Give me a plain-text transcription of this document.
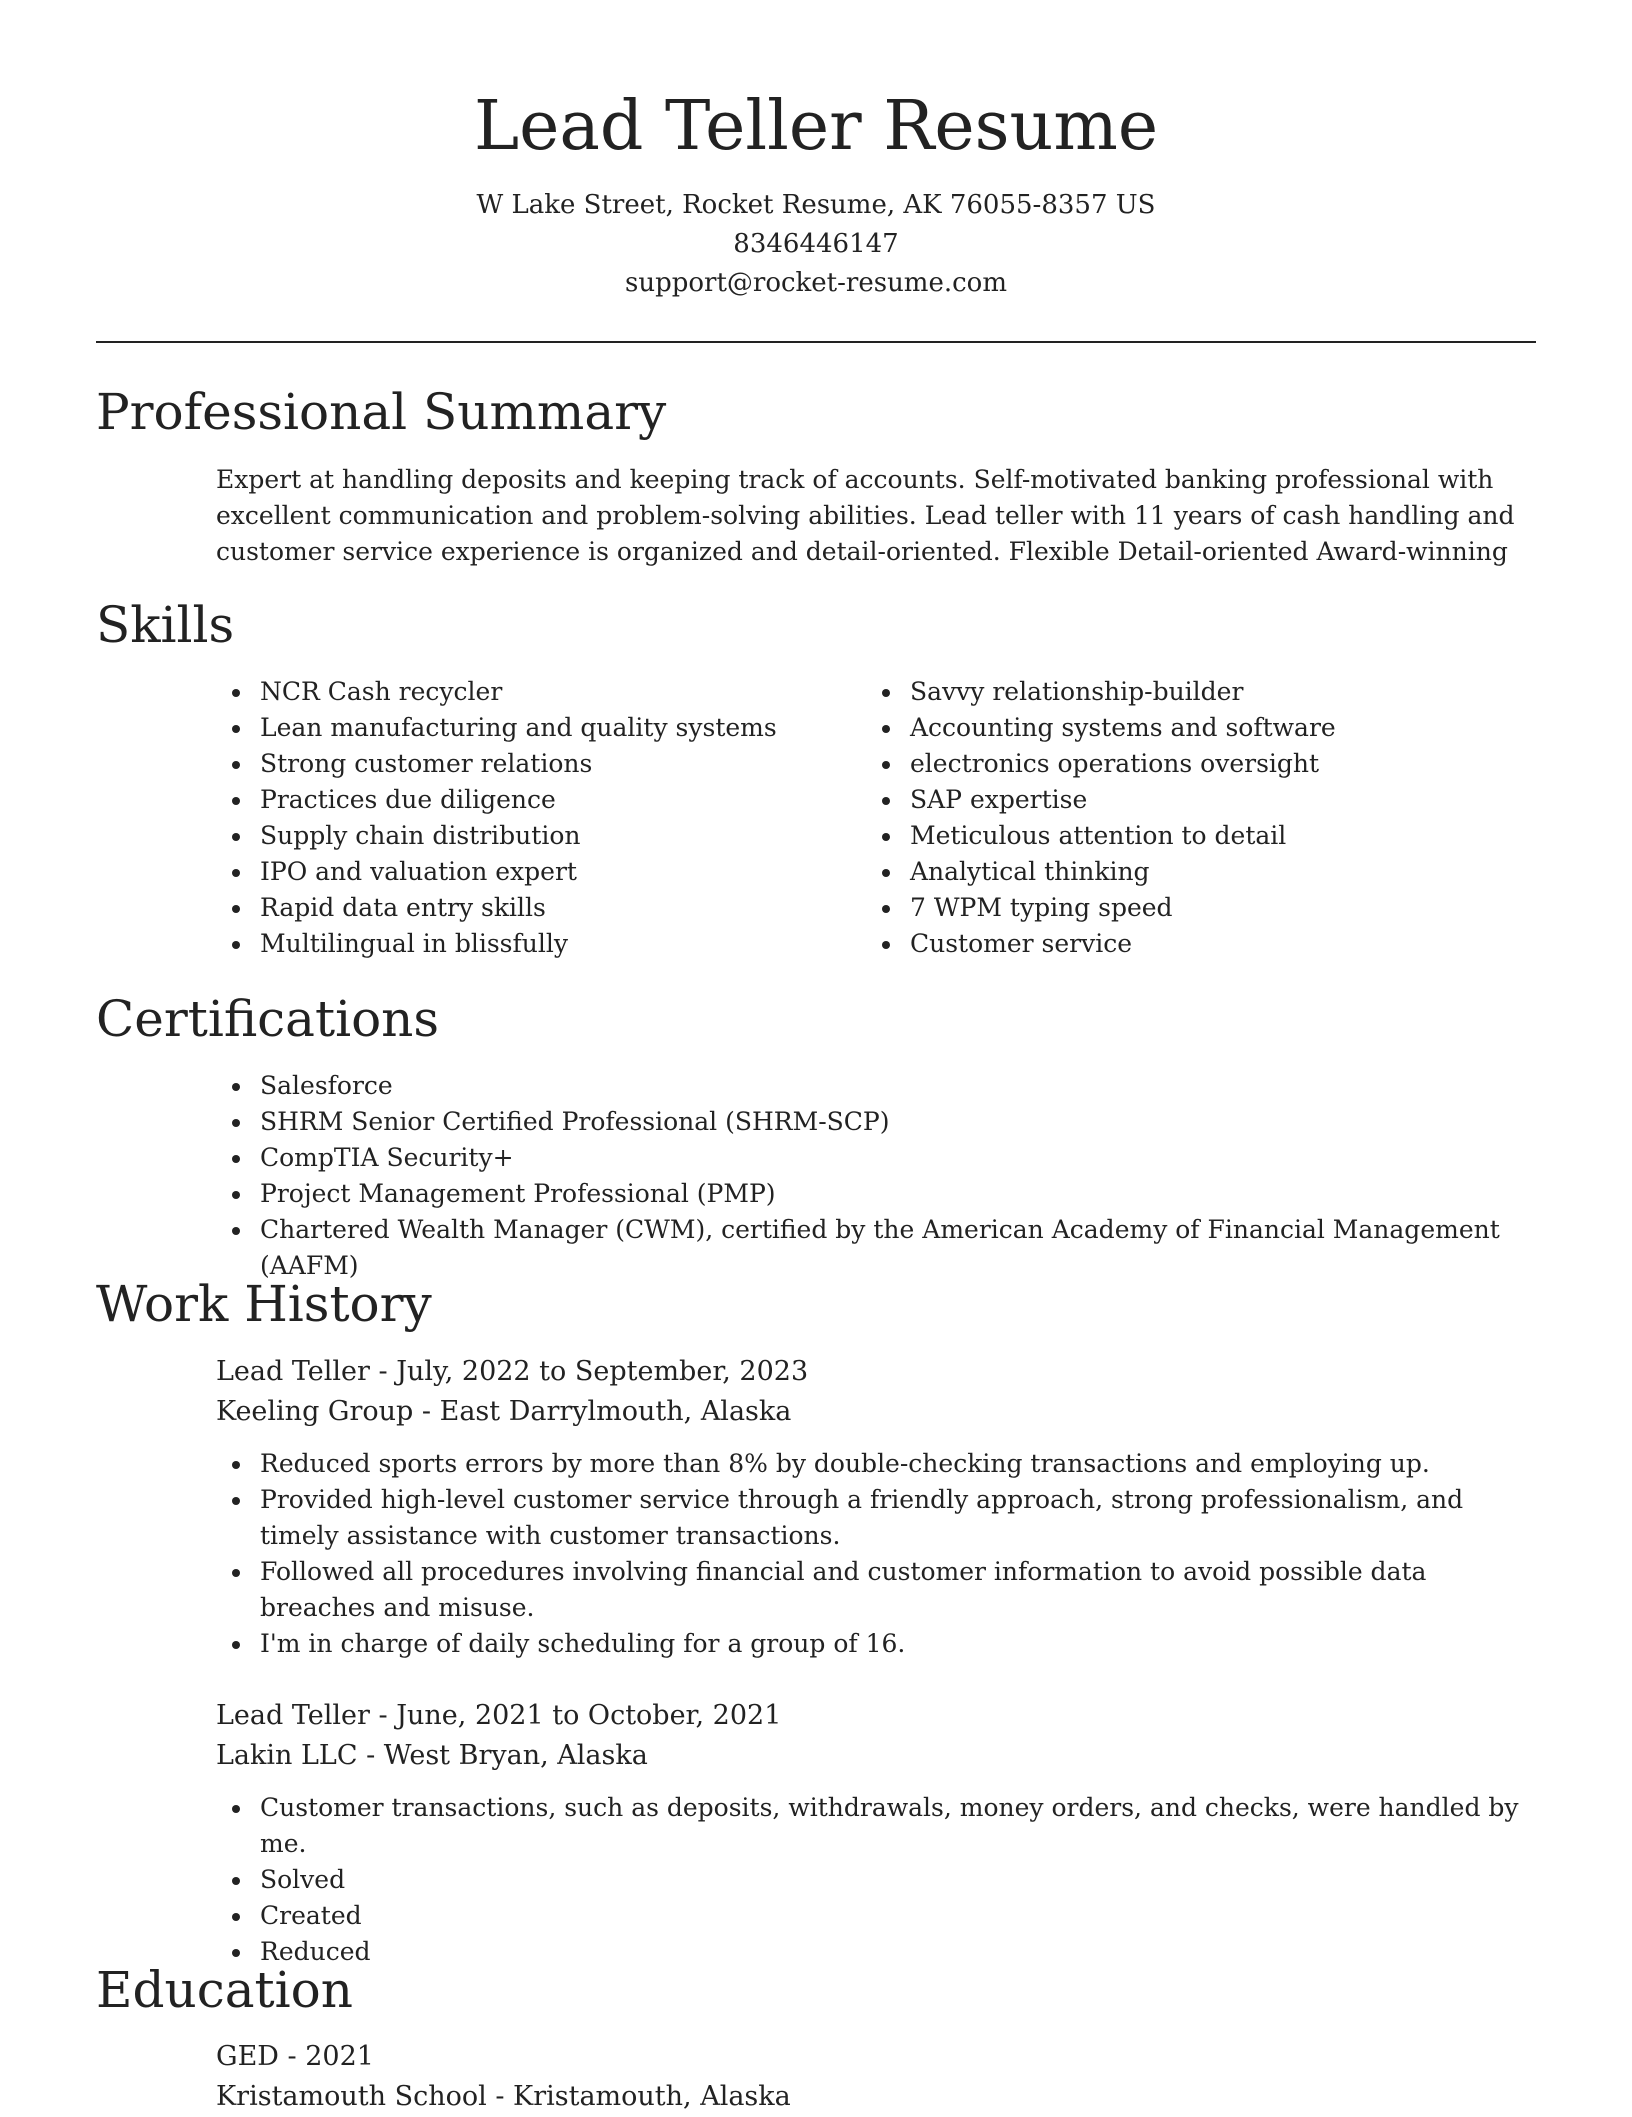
Lead Teller Resume
W Lake Street, Rocket Resume, AK 76055-8357 US
8346446147
support@rocket-resume.com
Professional Summary

Expert at handling deposits and keeping track of accounts. Self-motivated banking professional with excellent communication and problem-solving abilities. Lead teller with 11 years of cash handling and customer service experience is organized and detail-oriented. Flexible Detail-oriented Award-winning

Skills
NCR Cash recycler
Lean manufacturing and quality systems
Strong customer relations
Practices due diligence
Supply chain distribution
IPO and valuation expert
Rapid data entry skills
Multilingual in blissfully
Savvy relationship-builder
Accounting systems and software
electronics operations oversight
SAP expertise
Meticulous attention to detail
Analytical thinking
7 WPM typing speed
Customer service
Certifications
Salesforce
SHRM Senior Certified Professional (SHRM-SCP)
CompTIA Security+
Project Management Professional (PMP)
Chartered Wealth Manager (CWM), certified by the American Academy of Financial Management (AAFM)
Work History
Lead Teller - July, 2022 to September, 2023
Keeling Group - East Darrylmouth, Alaska
Reduced sports errors by more than 8% by double-checking transactions and employing up.
Provided high-level customer service through a friendly approach, strong professionalism, and timely assistance with customer transactions.
Followed all procedures involving financial and customer information to avoid possible data breaches and misuse.
I'm in charge of daily scheduling for a group of 16.
Lead Teller - June, 2021 to October, 2021
Lakin LLC - West Bryan, Alaska
Customer transactions, such as deposits, withdrawals, money orders, and checks, were handled by me.
Solved
Created
Reduced
Education
GED - 2021
Kristamouth School - Kristamouth, Alaska
